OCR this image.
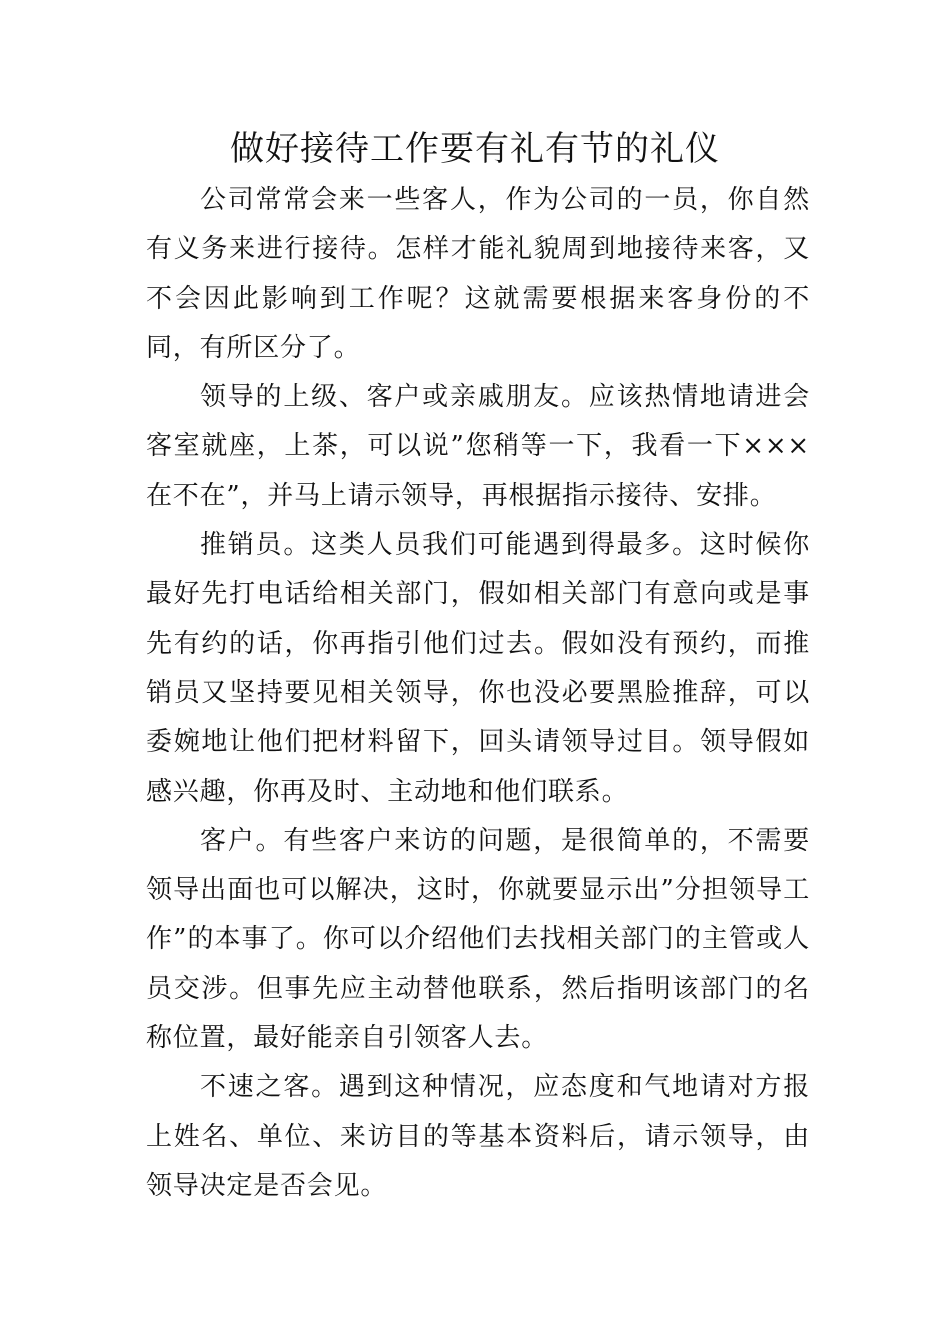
做好接待工作要有礼有节的礼仪

公司常常会来一些客人，作为公司的一员，你自然有义务来进行接待。怎样才能礼貌周到地接待来客，又不会因此影响到工作呢？这就需要根据来客身份的不同，有所区分了。

领导的上级、客户或亲戚朋友。应该热情地请进会客室就座，上茶，可以说”您稍等一下，我看一下×××在不在”，并马上请示领导，再根据指示接待、安排。

推销员。这类人员我们可能遇到得最多。这时候你最好先打电话给相关部门，假如相关部门有意向或是事先有约的话，你再指引他们过去。假如没有预约，而推销员又坚持要见相关领导，你也没必要黑脸推辞，可以委婉地让他们把材料留下，回头请领导过目。领导假如感兴趣，你再及时、主动地和他们联系。

客户。有些客户来访的问题，是很简单的，不需要领导出面也可以解决，这时，你就要显示出”分担领导工作”的本事了。你可以介绍他们去找相关部门的主管或人员交涉。但事先应主动替他联系，然后指明该部门的名称位置，最好能亲自引领客人去。

不速之客。遇到这种情况，应态度和气地请对方报上姓名、单位、来访目的等基本资料后，请示领导，由领导决定是否会见。
